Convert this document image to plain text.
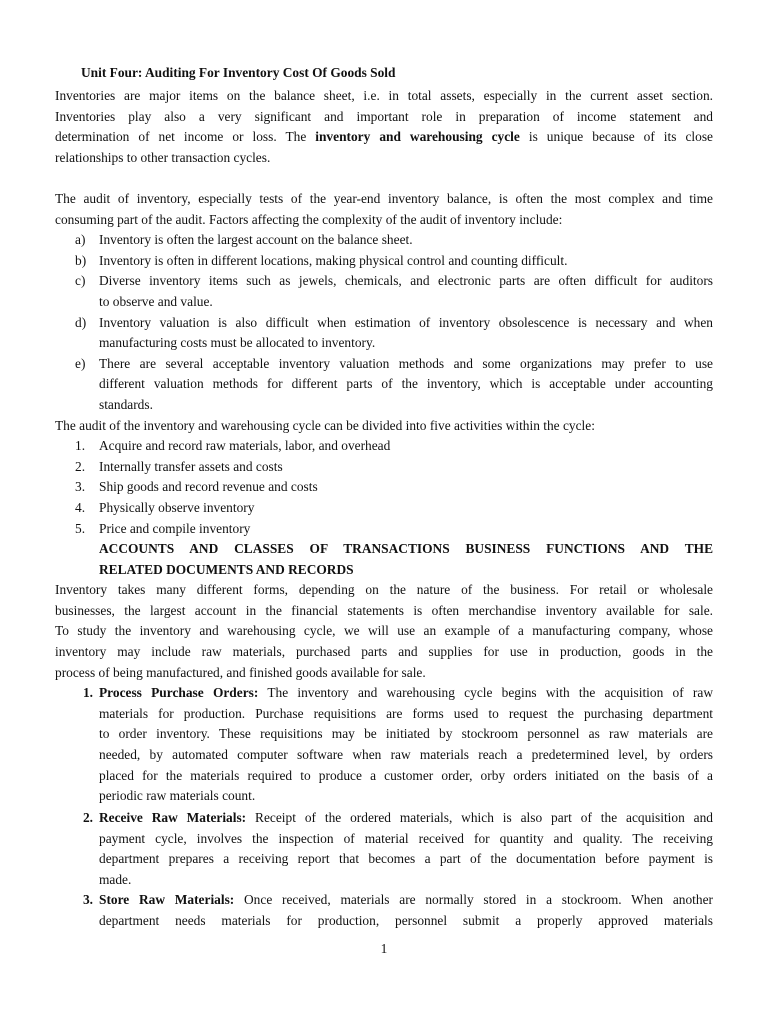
Unit Four: Auditing For Inventory Cost Of Goods Sold

Inventories are major items on the balance sheet, i.e. in total assets, especially in the current asset section.

Inventories play also a very significant and important role in preparation of income statement and

determination of net income or loss. The inventory and warehousing cycle is unique because of its close

relationships to other transaction cycles.

The audit of inventory, especially tests of the year-end inventory balance, is often the most complex and time

consuming part of the audit. Factors affecting the complexity of the audit of inventory include:

a)	Inventory is often the largest account on the balance sheet.
b) Inventory is often in different locations, making physical control and counting difficult.
c)	Diverse inventory items such as jewels, chemicals, and electronic parts are often difficult for auditors
to observe and value.
d) Inventory valuation is also difficult when estimation of inventory obsolescence is necessary and when
manufacturing costs must be allocated to inventory.
e)	There are several acceptable inventory valuation methods and some organizations may prefer to use
different valuation methods for different parts of the inventory, which is acceptable under accounting
standards.

The audit of the inventory and warehousing cycle can be divided into five activities within the cycle:

1.	Acquire and record raw materials, labor, and overhead
2.	Internally transfer assets and costs
3.	Ship goods and record revenue and costs
4.	Physically observe inventory
5.	Price and compile inventory
ACCOUNTS AND CLASSES OF TRANSACTIONS BUSINESS FUNCTIONS AND THE
RELATED DOCUMENTS AND RECORDS

Inventory takes many different forms, depending on the nature of the business. For retail or wholesale

businesses, the largest account in the financial statements is often merchandise inventory available for sale.

To study the inventory and warehousing cycle, we will use an example of a manufacturing company, whose

inventory may include raw materials, purchased parts and supplies for use in production, goods in the

process of being manufactured, and finished goods available for sale.

1. Process Purchase Orders: The inventory and warehousing cycle begins with the acquisition of raw
materials for production. Purchase requisitions are forms used to request the purchasing department
to order inventory. These requisitions may be initiated by stockroom personnel as raw materials are
needed, by automated computer software when raw materials reach a predetermined level, by orders
placed for the materials required to produce a customer order, orby orders initiated on the basis of a
periodic raw materials count.
2. Receive Raw Materials: Receipt of the ordered materials, which is also part of the acquisition and
payment cycle, involves the inspection of material received for quantity and quality. The receiving
department prepares a receiving report that becomes a part of the documentation before payment is
made.
3. Store Raw Materials: Once received, materials are normally stored in a stockroom. When another
department needs materials for production, personnel submit a properly approved materials
1
